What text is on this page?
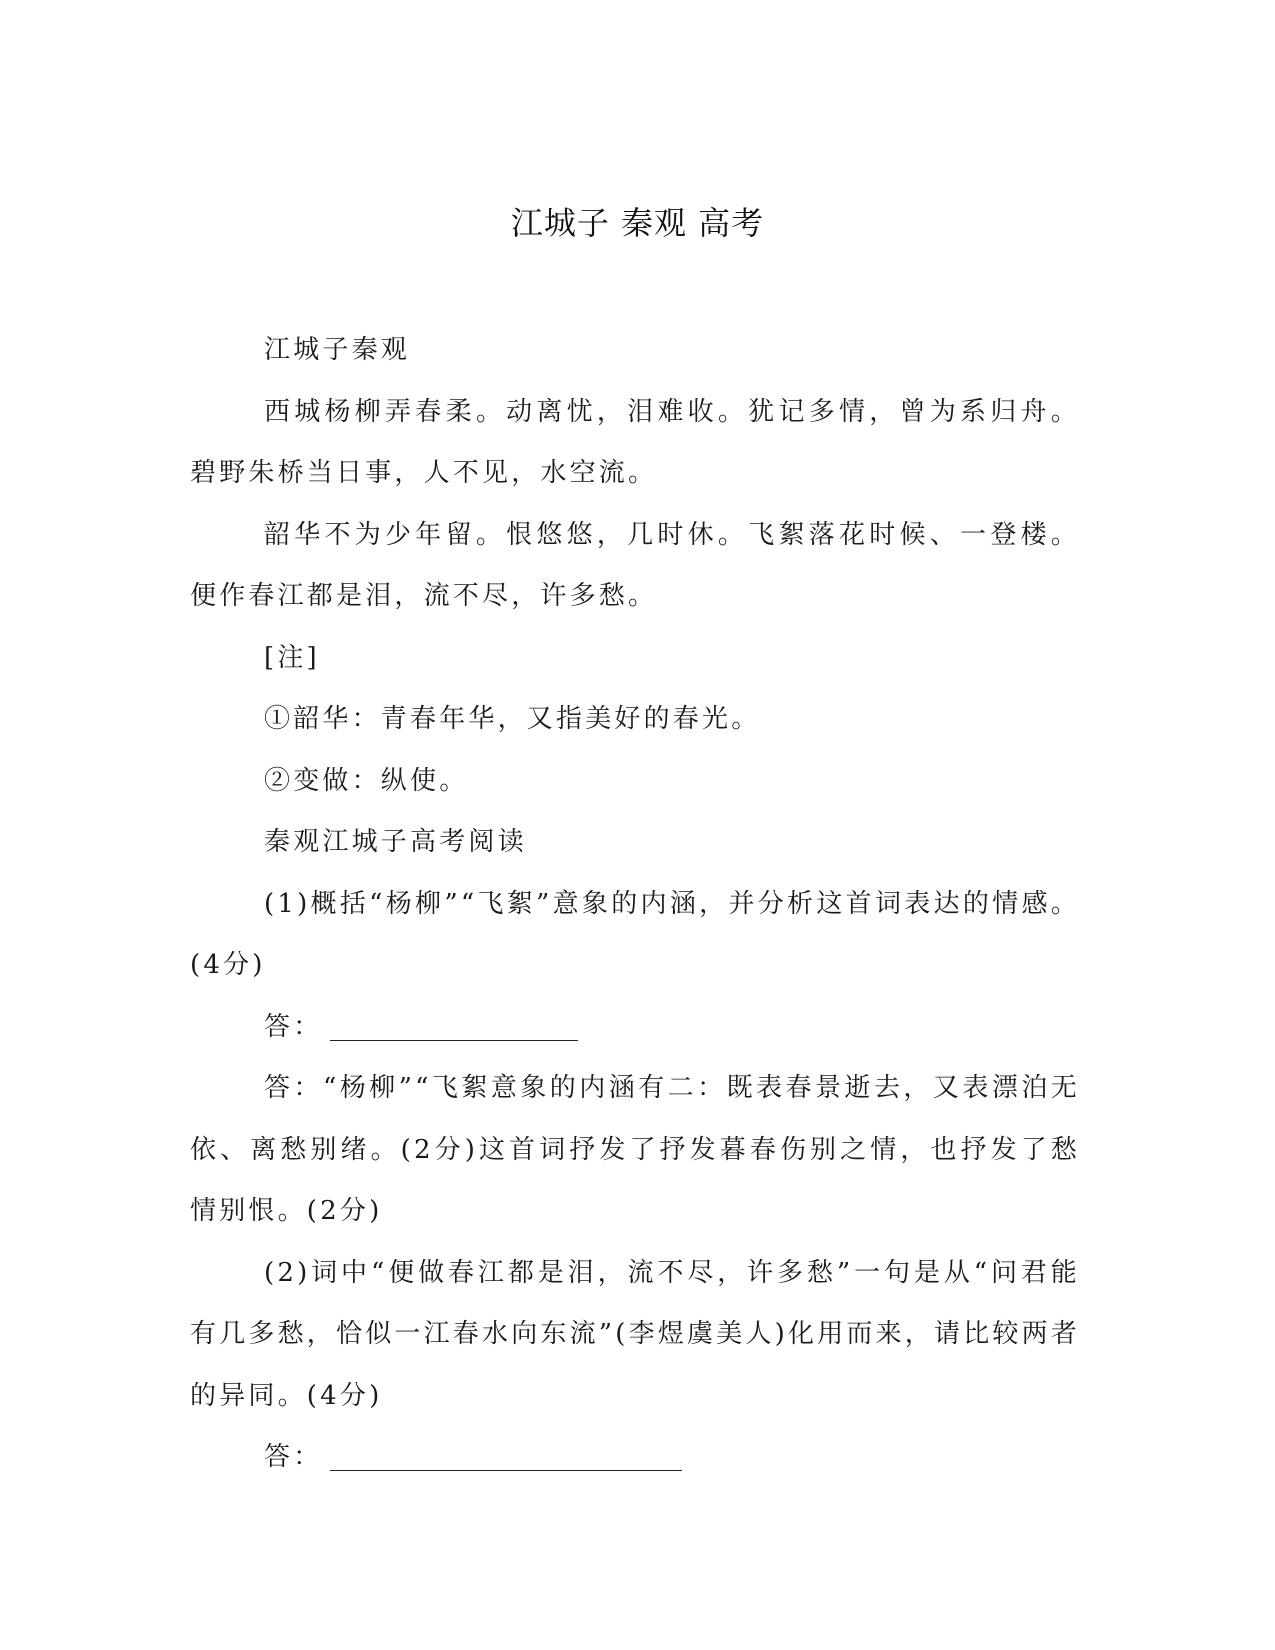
江城子 秦观 高考

江城子秦观

西城杨柳弄春柔。动离忧，泪难收。犹记多情，曾为系归舟。碧野朱桥当日事，人不见，水空流。

韶华不为少年留。恨悠悠，几时休。飞絮落花时候、一登楼。便作春江都是泪，流不尽，许多愁。

[注]

①韶华：青春年华，又指美好的春光。

②变做：纵使。

秦观江城子高考阅读

(1)概括“杨柳”“飞絮”意象的内涵，并分析这首词表达的情感。(4分)

答：

答：“杨柳”“飞絮意象的内涵有二：既表春景逝去，又表漂泊无依、离愁别绪。(2分)这首词抒发了抒发暮春伤别之情，也抒发了愁情别恨。(2分)

(2)词中“便做春江都是泪，流不尽，许多愁”一句是从“问君能有几多愁，恰似一江春水向东流”(李煜虞美人)化用而来，请比较两者的异同。(4分)

答：
